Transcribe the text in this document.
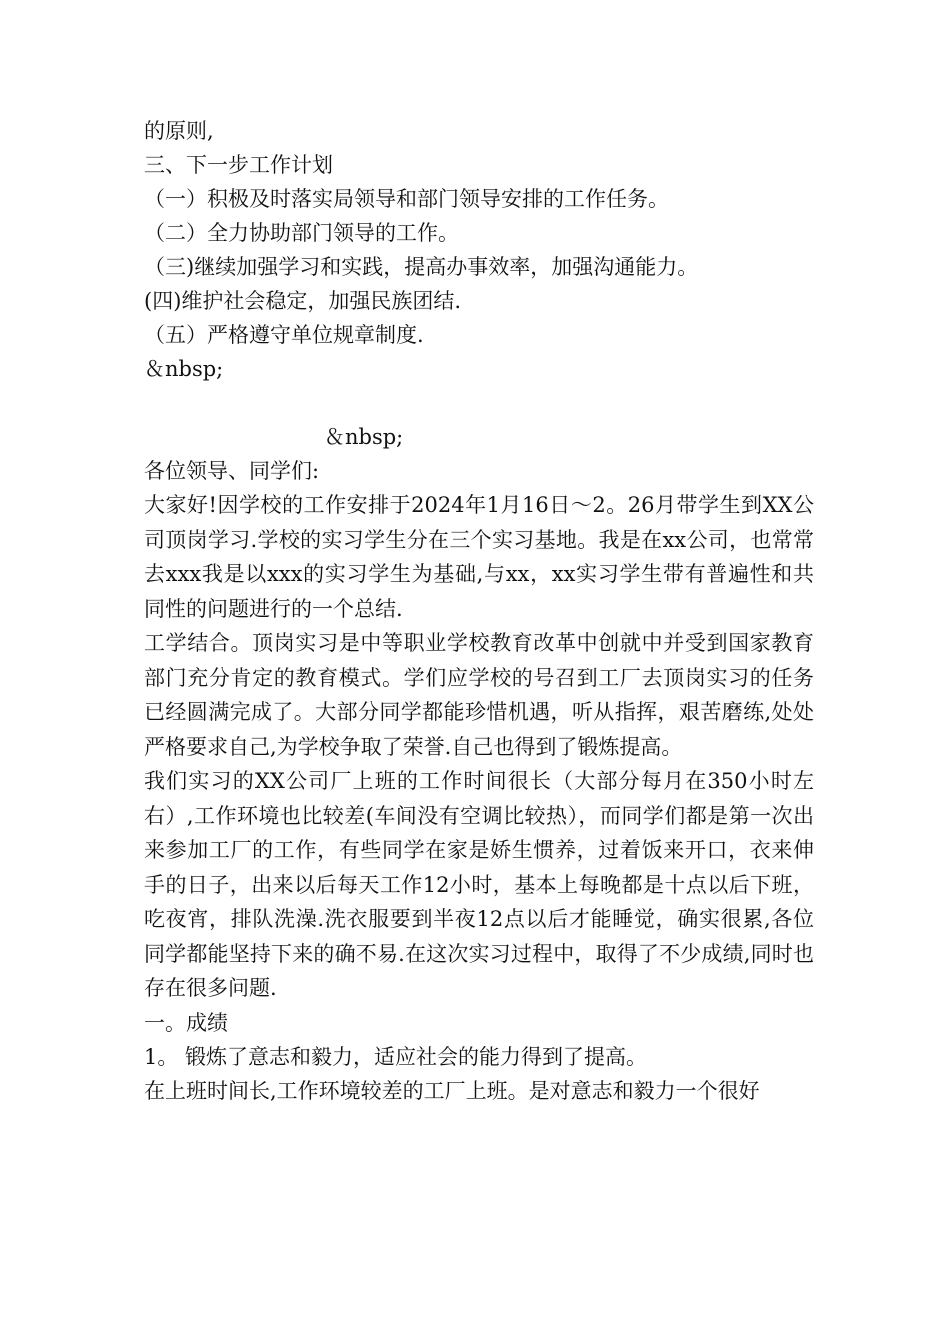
的原则,
三、下一步工作计划
（一）积极及时落实局领导和部门领导安排的工作任务。
（二）全力协助部门领导的工作。
（三)继续加强学习和实践，提高办事效率，加强沟通能力。
(四)维护社会稳定，加强民族团结.
（五）严格遵守单位规章制度.
＆nbsp;
＆nbsp;
各位领导、同学们:
大家好!因学校的工作安排于2024年1月16日～2。26月带学生到XX公司顶岗学习.学校的实习学生分在三个实习基地。我是在xx公司，也常常去xxx我是以xxx的实习学生为基础,与xx，xx实习学生带有普遍性和共同性的问题进行的一个总结.
工学结合。顶岗实习是中等职业学校教育改革中创就中并受到国家教育部门充分肯定的教育模式。学们应学校的号召到工厂去顶岗实习的任务已经圆满完成了。大部分同学都能珍惜机遇，听从指挥，艰苦磨练,处处严格要求自己,为学校争取了荣誉.自己也得到了锻炼提高。
我们实习的XX公司厂上班的工作时间很长（大部分每月在350小时左右）,工作环境也比较差(车间没有空调比较热），而同学们都是第一次出来参加工厂的工作，有些同学在家是娇生惯养，过着饭来开口，衣来伸手的日子，出来以后每天工作12小时，基本上每晚都是十点以后下班，吃夜宵，排队洗澡.洗衣服要到半夜12点以后才能睡觉，确实很累,各位同学都能坚持下来的确不易.在这次实习过程中，取得了不少成绩,同时也存在很多问题.
一。成绩
1。 锻炼了意志和毅力，适应社会的能力得到了提高。
在上班时间长,工作环境较差的工厂上班。是对意志和毅力一个很好
